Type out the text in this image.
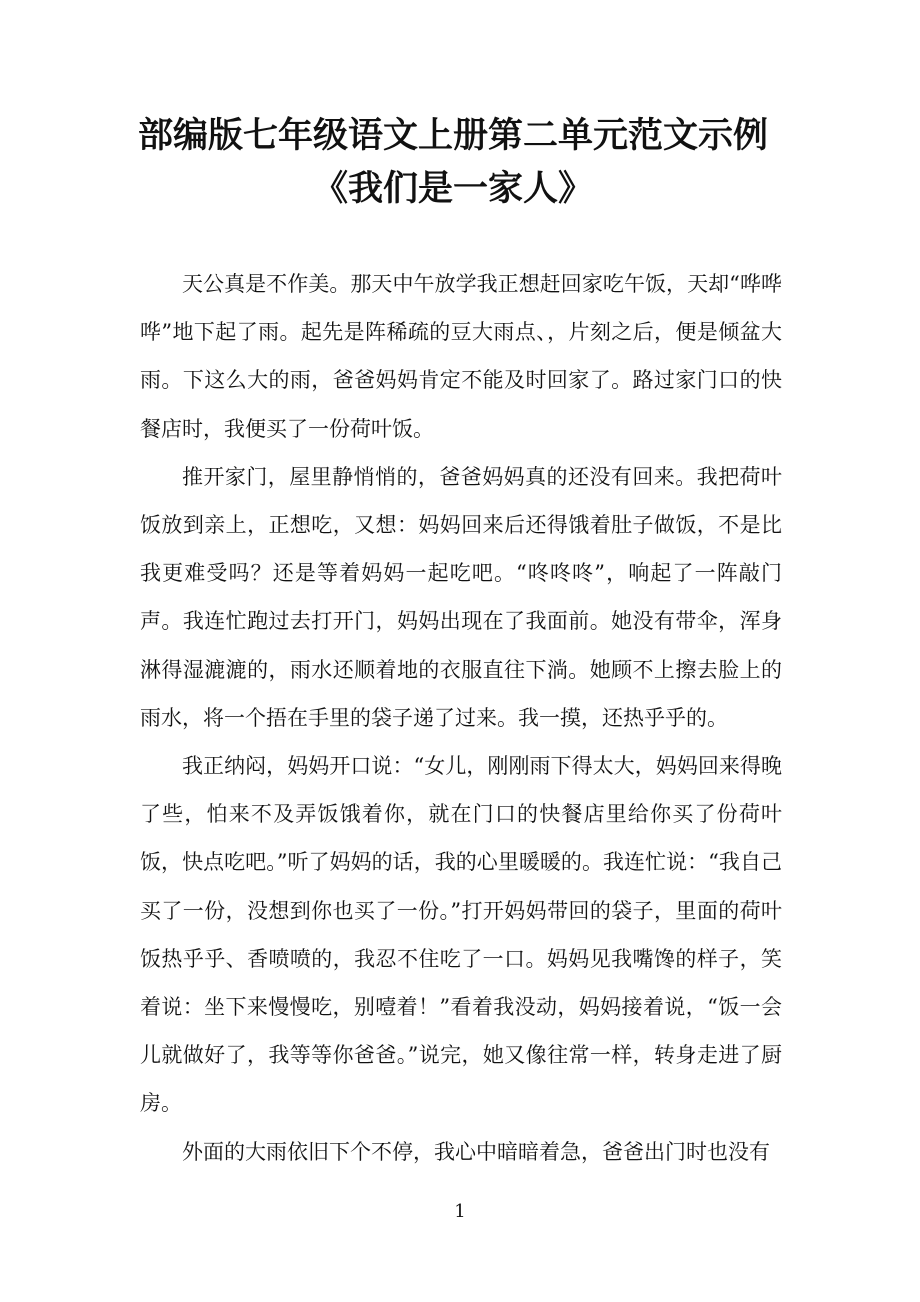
部编版七年级语文上册第二单元范文示例
《我们是一家人》

天公真是不作美。那天中午放学我正想赶回家吃午饭，天却“哗哗哗”地下起了雨。起先是阵稀疏的豆大雨点、，片刻之后，便是倾盆大雨。下这么大的雨，爸爸妈妈肯定不能及时回家了。路过家门口的快餐店时，我便买了一份荷叶饭。

推开家门，屋里静悄悄的，爸爸妈妈真的还没有回来。我把荷叶饭放到亲上，正想吃，又想：妈妈回来后还得饿着肚子做饭，不是比我更难受吗？还是等着妈妈一起吃吧。“咚咚咚”，响起了一阵敲门声。我连忙跑过去打开门，妈妈出现在了我面前。她没有带伞，浑身淋得湿漉漉的，雨水还顺着地的衣服直往下淌。她顾不上擦去脸上的雨水，将一个捂在手里的袋子递了过来。我一摸，还热乎乎的。

我正纳闷，妈妈开口说：“女儿，刚刚雨下得太大，妈妈回来得晚了些，怕来不及弄饭饿着你，就在门口的快餐店里给你买了份荷叶饭，快点吃吧。”听了妈妈的话，我的心里暖暖的。我连忙说：“我自己买了一份，没想到你也买了一份。”打开妈妈带回的袋子，里面的荷叶饭热乎乎、香喷喷的，我忍不住吃了一口。妈妈见我嘴馋的样子，笑着说：坐下来慢慢吃，别噎着！”看着我没动，妈妈接着说，“饭一会儿就做好了，我等等你爸爸。”说完，她又像往常一样，转身走进了厨房。

外面的大雨依旧下个不停，我心中暗暗着急，爸爸出门时也没有

1
